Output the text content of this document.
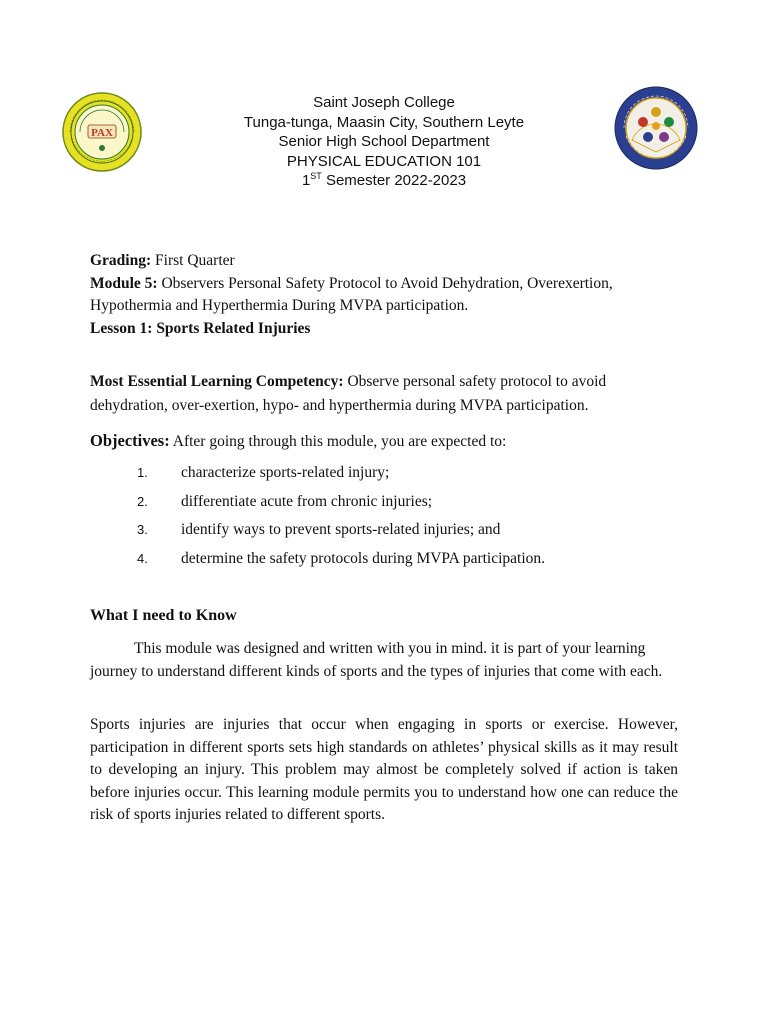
PAX
Saint Joseph College
Tunga-tunga, Maasin City, Southern Leyte
Senior High School Department
PHYSICAL EDUCATION 101
1ST Semester 2022-2023

Grading: First Quarter

Module 5: Observers Personal Safety Protocol to Avoid Dehydration, Overexertion,

Hypothermia and Hyperthermia During MVPA participation.

Lesson 1: Sports Related Injuries

Most Essential Learning Competency: Observe personal safety protocol to avoid

dehydration, over-exertion, hypo- and hyperthermia during MVPA participation.

Objectives: After going through this module, you are expected to:

1. characterize sports-related injury;
2. differentiate acute from chronic injuries;
3. identify ways to prevent sports-related injuries; and
4. determine the safety protocols during MVPA participation.
What I need to Know

This module was designed and written with you in mind. it is part of your learning journey to understand different kinds of sports and the types of injuries that come with each.

Sports injuries are injuries that occur when engaging in sports or exercise. However, participation in different sports sets high standards on athletes’ physical skills as it may result to developing an injury. This problem may almost be completely solved if action is taken before injuries occur. This learning module permits you to understand how one can reduce the risk of sports injuries related to different sports.
